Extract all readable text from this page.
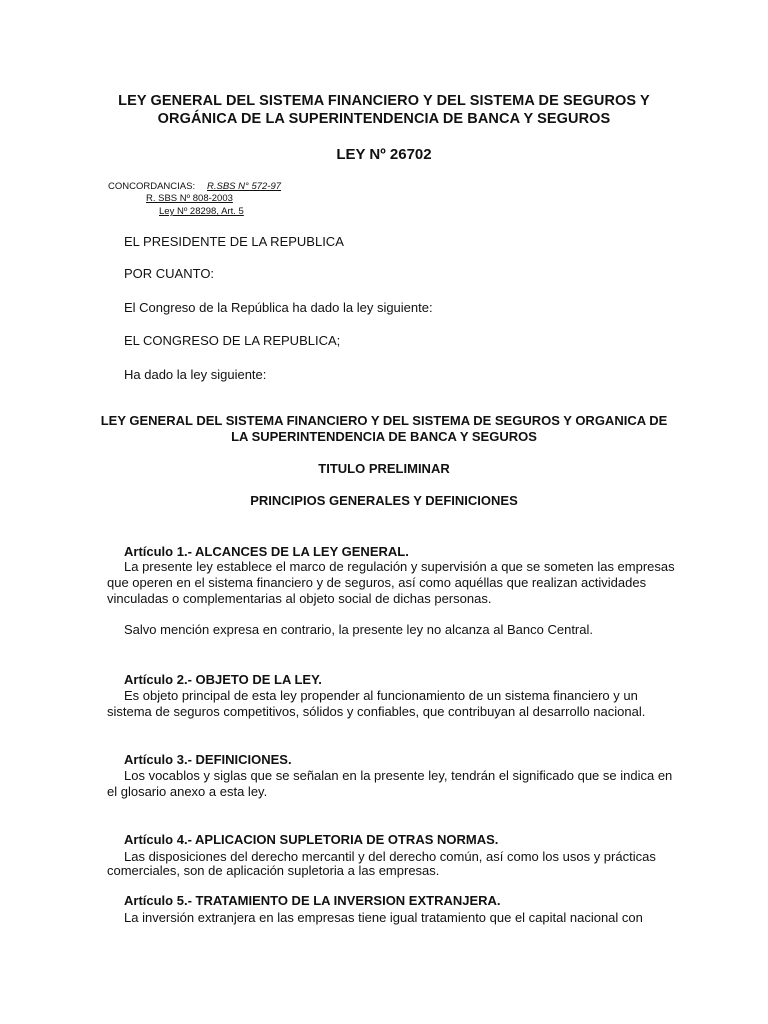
LEY GENERAL DEL SISTEMA FINANCIERO Y DEL SISTEMA DE SEGUROS Y
ORGÁNICA DE LA SUPERINTENDENCIA DE BANCA Y SEGUROS
LEY Nº 26702
CONCORDANCIAS: R.SBS N° 572-97
R. SBS Nº 808-2003
Ley Nº 28298, Art. 5
EL PRESIDENTE DE LA REPUBLICA
POR CUANTO:
El Congreso de la República ha dado la ley siguiente:
EL CONGRESO DE LA REPUBLICA;
Ha dado la ley siguiente:
LEY GENERAL DEL SISTEMA FINANCIERO Y DEL SISTEMA DE SEGUROS Y ORGANICA DE
LA SUPERINTENDENCIA DE BANCA Y SEGUROS
TITULO PRELIMINAR
PRINCIPIOS GENERALES Y DEFINICIONES
Artículo 1.- ALCANCES DE LA LEY GENERAL.
La presente ley establece el marco de regulación y supervisión a que se someten las empresas
que operen en el sistema financiero y de seguros, así como aquéllas que realizan actividades
vinculadas o complementarias al objeto social de dichas personas.
Salvo mención expresa en contrario, la presente ley no alcanza al Banco Central.
Artículo 2.- OBJETO DE LA LEY.
Es objeto principal de esta ley propender al funcionamiento de un sistema financiero y un
sistema de seguros competitivos, sólidos y confiables, que contribuyan al desarrollo nacional.
Artículo 3.- DEFINICIONES.
Los vocablos y siglas que se señalan en la presente ley, tendrán el significado que se indica en
el glosario anexo a esta ley.
Artículo 4.- APLICACION SUPLETORIA DE OTRAS NORMAS.
Las disposiciones del derecho mercantil y del derecho común, así como los usos y prácticas
comerciales, son de aplicación supletoria a las empresas.
Artículo 5.- TRATAMIENTO DE LA INVERSION EXTRANJERA.
La inversión extranjera en las empresas tiene igual tratamiento que el capital nacional con
